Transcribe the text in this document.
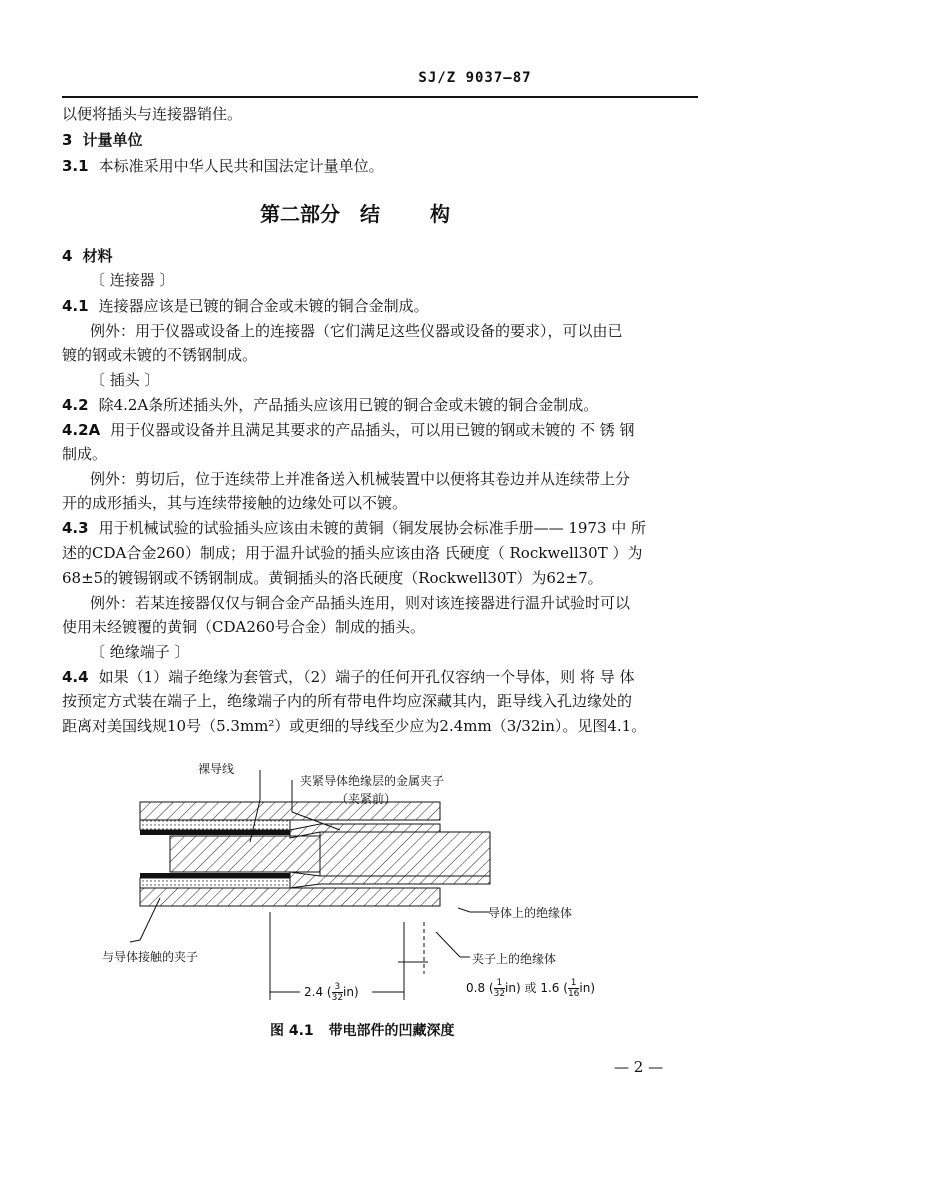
SJ/Z 9037—87
以便将插头与连接器销住。
3 计量单位
3.1 本标准采用中华人民共和国法定计量单位。
第二部分 结	构
4 材料
〔 连接器 〕
4.1 连接器应该是已镀的铜合金或未镀的铜合金制成。
例外：用于仪器或设备上的连接器（它们满足这些仪器或设备的要求），可以由已
镀的钢或未镀的不锈钢制成。
〔 插头 〕
4.2 除4.2A条所述插头外，产品插头应该用已镀的铜合金或未镀的铜合金制成。
4.2A 用于仪器或设备并且满足其要求的产品插头，可以用已镀的钢或未镀的 不 锈 钢
制成。
例外：剪切后，位于连续带上并准备送入机械装置中以便将其卷边并从连续带上分
开的成形插头，其与连续带接触的边缘处可以不镀。
4.3 用于机械试验的试验插头应该由未镀的黄铜（铜发展协会标准手册—— 1973 中 所
述的CDA合金260）制成；用于温升试验的插头应该由洛 氏硬度（ Rockwell30T ）为
68±5的镀锡钢或不锈钢制成。黄铜插头的洛氏硬度（Rockwell30T）为62±7。
例外：若某连接器仅仅与铜合金产品插头连用，则对该连接器进行温升试验时可以
使用未经镀覆的黄铜（CDA260号合金）制成的插头。
〔 绝缘端子 〕
4.4 如果（1）端子绝缘为套管式，（2）端子的任何开孔仅容纳一个导体，则 将 导 体
按预定方式装在端子上，绝缘端子内的所有带电件均应深藏其内，距导线入孔边缘处的
距离对美国线规10号（5.3mm²）或更细的导线至少应为2.4mm（3/32in）。见图4.1。
裸导线
夹紧导体绝缘层的金属夹子
（夹紧前）
导体上的绝缘体
与导体接触的夹子	夹子上的绝缘体
2.4 ( $\frac{3}{32} in$)	0.8 ( $\frac{1}{32} in$) 或 1.6 ( $\frac{1}{16} in$)
图 4.1 带电部件的凹藏深度
— 2 —
